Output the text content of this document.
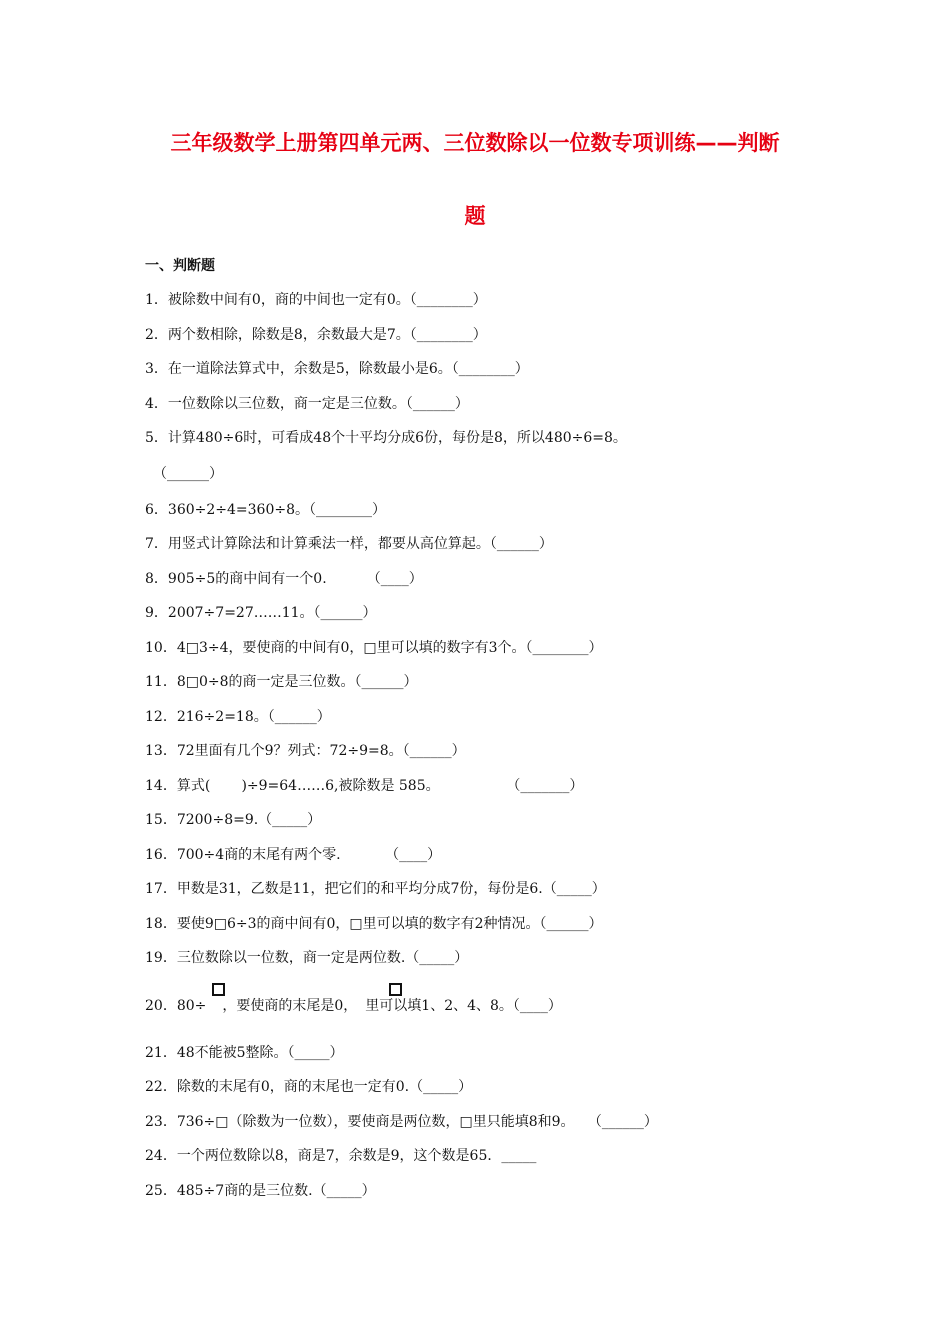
三年级数学上册第四单元两、三位数除以一位数专项训练——判断
题
一、判断题
1．被除数中间有0，商的中间也一定有0。（________）
2．两个数相除，除数是8，余数最大是7。（________）
3．在一道除法算式中，余数是5，除数最小是6。（________）
4．一位数除以三位数，商一定是三位数。（______）
5．计算480÷6时，可看成48个十平均分成6份，每份是8，所以480÷6=8。
（______）
6．360÷2÷4=360÷8。（________）
7．用竖式计算除法和计算乘法一样，都要从高位算起。（______）
8．905÷5的商中间有一个0.         （____）
9．2007÷7=27……11。（______）
10．4□3÷4，要使商的中间有0，□里可以填的数字有3个。（________）
11．8□0÷8的商一定是三位数。（______）
12．216÷2=18。（______）
13．72里面有几个9？列式：72÷9=8。（______）
14．算式(       )÷9=64……6,被除数是 585。               （_______）
15．7200÷8=9.（_____）
16．700÷4商的末尾有两个零.          （____）
17．甲数是31，乙数是11，把它们的和平均分成7份，每份是6.（_____）
18．要使9□6÷3的商中间有0，□里可以填的数字有2种情况。（______）
19．三位数除以一位数，商一定是两位数.（_____）
20．80÷ ，要使商的末尾是0， 里可以填1、2、4、8。（____）
21．48不能被5整除。（_____）
22．除数的末尾有0，商的末尾也一定有0.（_____）
23．736÷□（除数为一位数），要使商是两位数，□里只能填8和9。   （______）
24．一个两位数除以8，商是7，余数是9，这个数是65．_____
25．485÷7商的是三位数.（_____）
